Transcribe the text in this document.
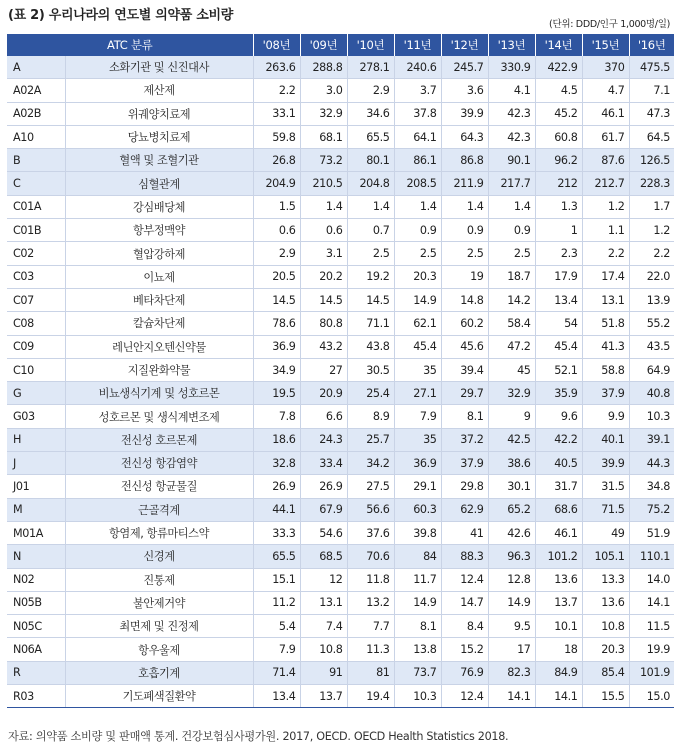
(표 2) 우리나라의 연도별 의약품 소비량
(단위: DDD/인구 1,000명/일)
ATC 분류		'08년	'09년	'10년	'11년	'12년	'13년	'14년	'15년	'16년
A	소화기관 및 신진대사	263.6	288.8	278.1	240.6	245.7	330.9	422.9	370	475.5
A02A	제산제	2.2	3.0	2.9	3.7	3.6	4.1	4.5	4.7	7.1
A02B	위궤양치료제	33.1	32.9	34.6	37.8	39.9	42.3	45.2	46.1	47.3
A10	당뇨병치료제	59.8	68.1	65.5	64.1	64.3	42.3	60.8	61.7	64.5
B	혈액 및 조혈기관	26.8	73.2	80.1	86.1	86.8	90.1	96.2	87.6	126.5
C	심혈관계	204.9	210.5	204.8	208.5	211.9	217.7	212	212.7	228.3
C01A	강심배당체	1.5	1.4	1.4	1.4	1.4	1.4	1.3	1.2	1.7
C01B	항부정맥약	0.6	0.6	0.7	0.9	0.9	0.9	1	1.1	1.2
C02	혈압강하제	2.9	3.1	2.5	2.5	2.5	2.5	2.3	2.2	2.2
C03	이뇨제	20.5	20.2	19.2	20.3	19	18.7	17.9	17.4	22.0
C07	베타차단제	14.5	14.5	14.5	14.9	14.8	14.2	13.4	13.1	13.9
C08	칼슘차단제	78.6	80.8	71.1	62.1	60.2	58.4	54	51.8	55.2
C09	레닌안지오텐신약물	36.9	43.2	43.8	45.4	45.6	47.2	45.4	41.3	43.5
C10	지질완화약물	34.9	27	30.5	35	39.4	45	52.1	58.8	64.9
G	비뇨생식기계 및 성호르몬	19.5	20.9	25.4	27.1	29.7	32.9	35.9	37.9	40.8
G03	성호르몬 및 생식계변조제	7.8	6.6	8.9	7.9	8.1	9	9.6	9.9	10.3
H	전신성 호르몬제	18.6	24.3	25.7	35	37.2	42.5	42.2	40.1	39.1
J	전신성 항감염약	32.8	33.4	34.2	36.9	37.9	38.6	40.5	39.9	44.3
J01	전신성 항균물질	26.9	26.9	27.5	29.1	29.8	30.1	31.7	31.5	34.8
M	근골격계	44.1	67.9	56.6	60.3	62.9	65.2	68.6	71.5	75.2
M01A	항염제, 항류마티스약	33.3	54.6	37.6	39.8	41	42.6	46.1	49	51.9
N	신경계	65.5	68.5	70.6	84	88.3	96.3	101.2	105.1	110.1
N02	진통제	15.1	12	11.8	11.7	12.4	12.8	13.6	13.3	14.0
N05B	불안제거약	11.2	13.1	13.2	14.9	14.7	14.9	13.7	13.6	14.1
N05C	최면제 및 진정제	5.4	7.4	7.7	8.1	8.4	9.5	10.1	10.8	11.5
N06A	항우울제	7.9	10.8	11.3	13.8	15.2	17	18	20.3	19.9
R	호흡기계	71.4	91	81	73.7	76.9	82.3	84.9	85.4	101.9
R03	기도폐색질환약	13.4	13.7	19.4	10.3	12.4	14.1	14.1	15.5	15.0
자료: 의약품 소비량 및 판매액 통계. 건강보험심사평가원. 2017, OECD. OECD Health Statistics 2018.
